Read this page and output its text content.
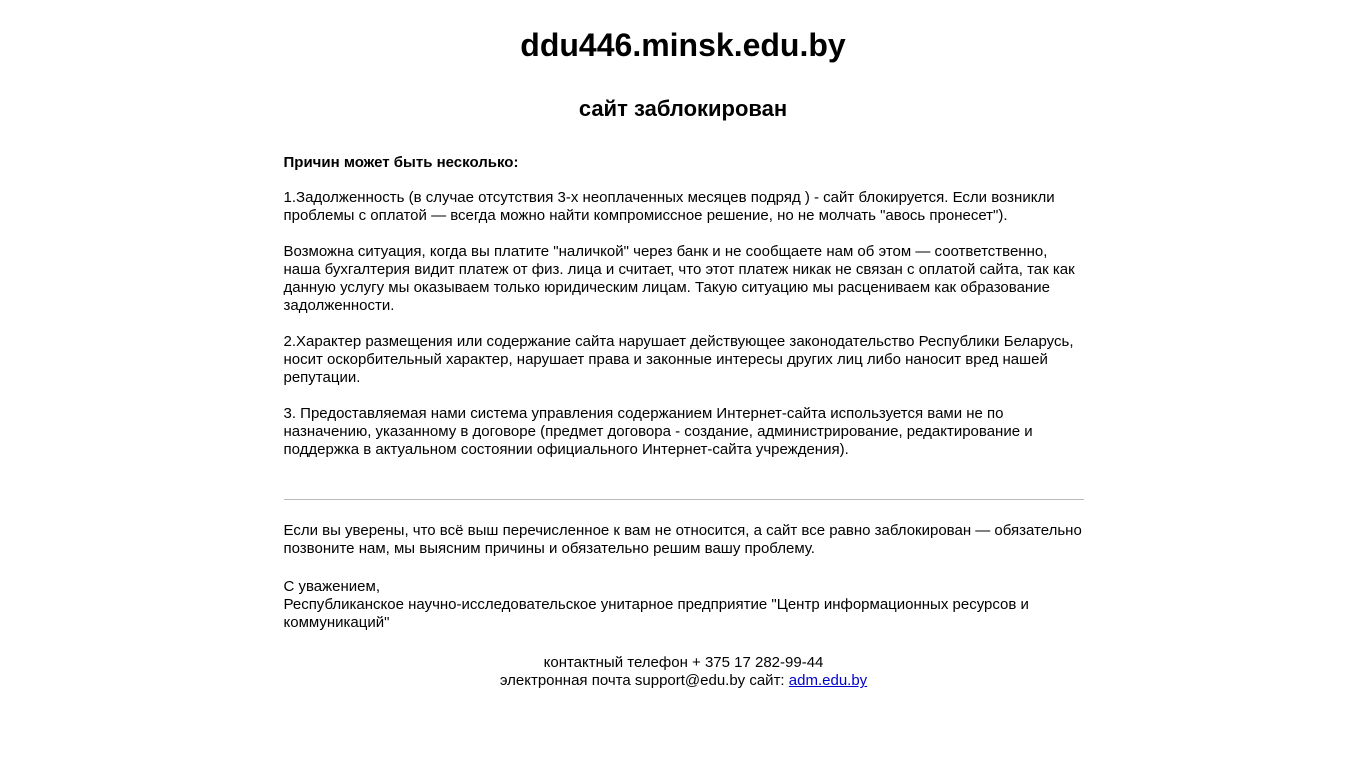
ddu446.minsk.edu.by
сайт заблокирован

Причин может быть несколько:

1.Задолженность (в случае отсутствия 3-х неоплаченных месяцев подряд ) - сайт блокируется. Если возникли проблемы с оплатой — всегда можно найти компромиссное решение, но не молчать "авось пронесет").

Возможна ситуация, когда вы платите "наличкой" через банк и не сообщаете нам об этом — соответственно, наша бухгалтерия видит платеж от физ. лица и считает, что этот платеж никак не связан с оплатой сайта, так как данную услугу мы оказываем только юридическим лицам. Такую ситуацию мы расцениваем как образование задолженности.

2.Характер размещения или содержание сайта нарушает действующее законодательство Республики Беларусь, носит оскорбительный характер, нарушает права и законные интересы других лиц либо наносит вред нашей репутации.

3. Предоставляемая нами система управления содержанием Интернет-сайта используется вами не по назначению, указанному в договоре (предмет договора - создание, администрирование, редактирование и поддержка в актуальном состоянии официального Интернет-сайта учреждения).

Если вы уверены, что всё выш перечисленное к вам не относится, а сайт все равно заблокирован — обязательно позвоните нам, мы выясним причины и обязательно решим вашу проблему.

С уважением,
Республиканское научно-исследовательское унитарное предприятие "Центр информационных ресурсов и коммуникаций"

контактный телефон + 375 17 282-99-44
электронная почта support@edu.by сайт: adm.edu.by
